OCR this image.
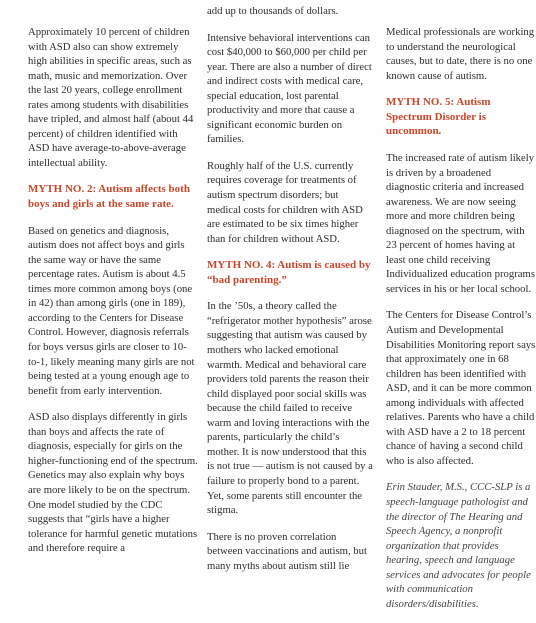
Approximately 10 percent of children with ASD also can show extremely high abilities in specific areas, such as math, music and memorization. Over the last 20 years, college enrollment rates among students with disabilities have tripled, and almost half (about 44 percent) of children identified with ASD have average-to-above-average intellectual ability.

MYTH NO. 2: Autism affects both boys and girls at the same rate.

Based on genetics and diagnosis, autism does not affect boys and girls the same way or have the same percentage rates. Autism is about 4.5 times more common among boys (one in 42) than among girls (one in 189), according to the Centers for Disease Control. However, diagnosis referrals for boys versus girls are closer to 10-to-1, likely meaning many girls are not being tested at a young enough age to benefit from early intervention.

ASD also displays differently in girls than boys and affects the rate of diagnosis, especially for girls on the higher-functioning end of the spectrum. Genetics may also explain why boys are more likely to be on the spectrum. One model studied by the CDC suggests that “girls have a higher tolerance for harmful genetic mutations and therefore require a

add up to thousands of dollars.

Intensive behavioral interventions can cost $40,000 to $60,000 per child per year. There are also a number of direct and indirect costs with medical care, special education, lost parental productivity and more that cause a significant economic burden on families.

Roughly half of the U.S. currently requires coverage for treatments of autism spectrum disorders; but medical costs for children with ASD are estimated to be six times higher than for children without ASD.

MYTH NO. 4: Autism is caused by “bad parenting.”

In the ’50s, a theory called the “refrigerator mother hypothesis” arose suggesting that autism was caused by mothers who lacked emotional warmth. Medical and behavioral care providers told parents the reason their child displayed poor social skills was because the child failed to receive warm and loving interactions with the parents, particularly the child’s mother. It is now understood that this is not true — autism is not caused by a failure to properly bond to a parent. Yet, some parents still encounter the stigma.

There is no proven correlation between vaccinations and autism, but many myths about autism still lie

Medical professionals are working to understand the neurological causes, but to date, there is no one known cause of autism.

MYTH NO. 5: Autism Spectrum Disorder is uncommon.

The increased rate of autism likely is driven by a broadened diagnostic criteria and increased awareness. We are now seeing more and more children being diagnosed on the spectrum, with 23 percent of homes having at least one child receiving Individualized education programs services in his or her local school.

The Centers for Disease Control’s Autism and Developmental Disabilities Monitoring report says that approximately one in 68 children has been identified with ASD, and it can be more common among individuals with affected relatives. Parents who have a child with ASD have a 2 to 18 percent chance of having a second child who is also affected.

Erin Stauder, M.S., CCC-SLP is a speech-language pathologist and the director of The Hearing and Speech Agency, a nonprofit organization that provides hearing, speech and language services and advocates for people with communication disorders/disabilities.
